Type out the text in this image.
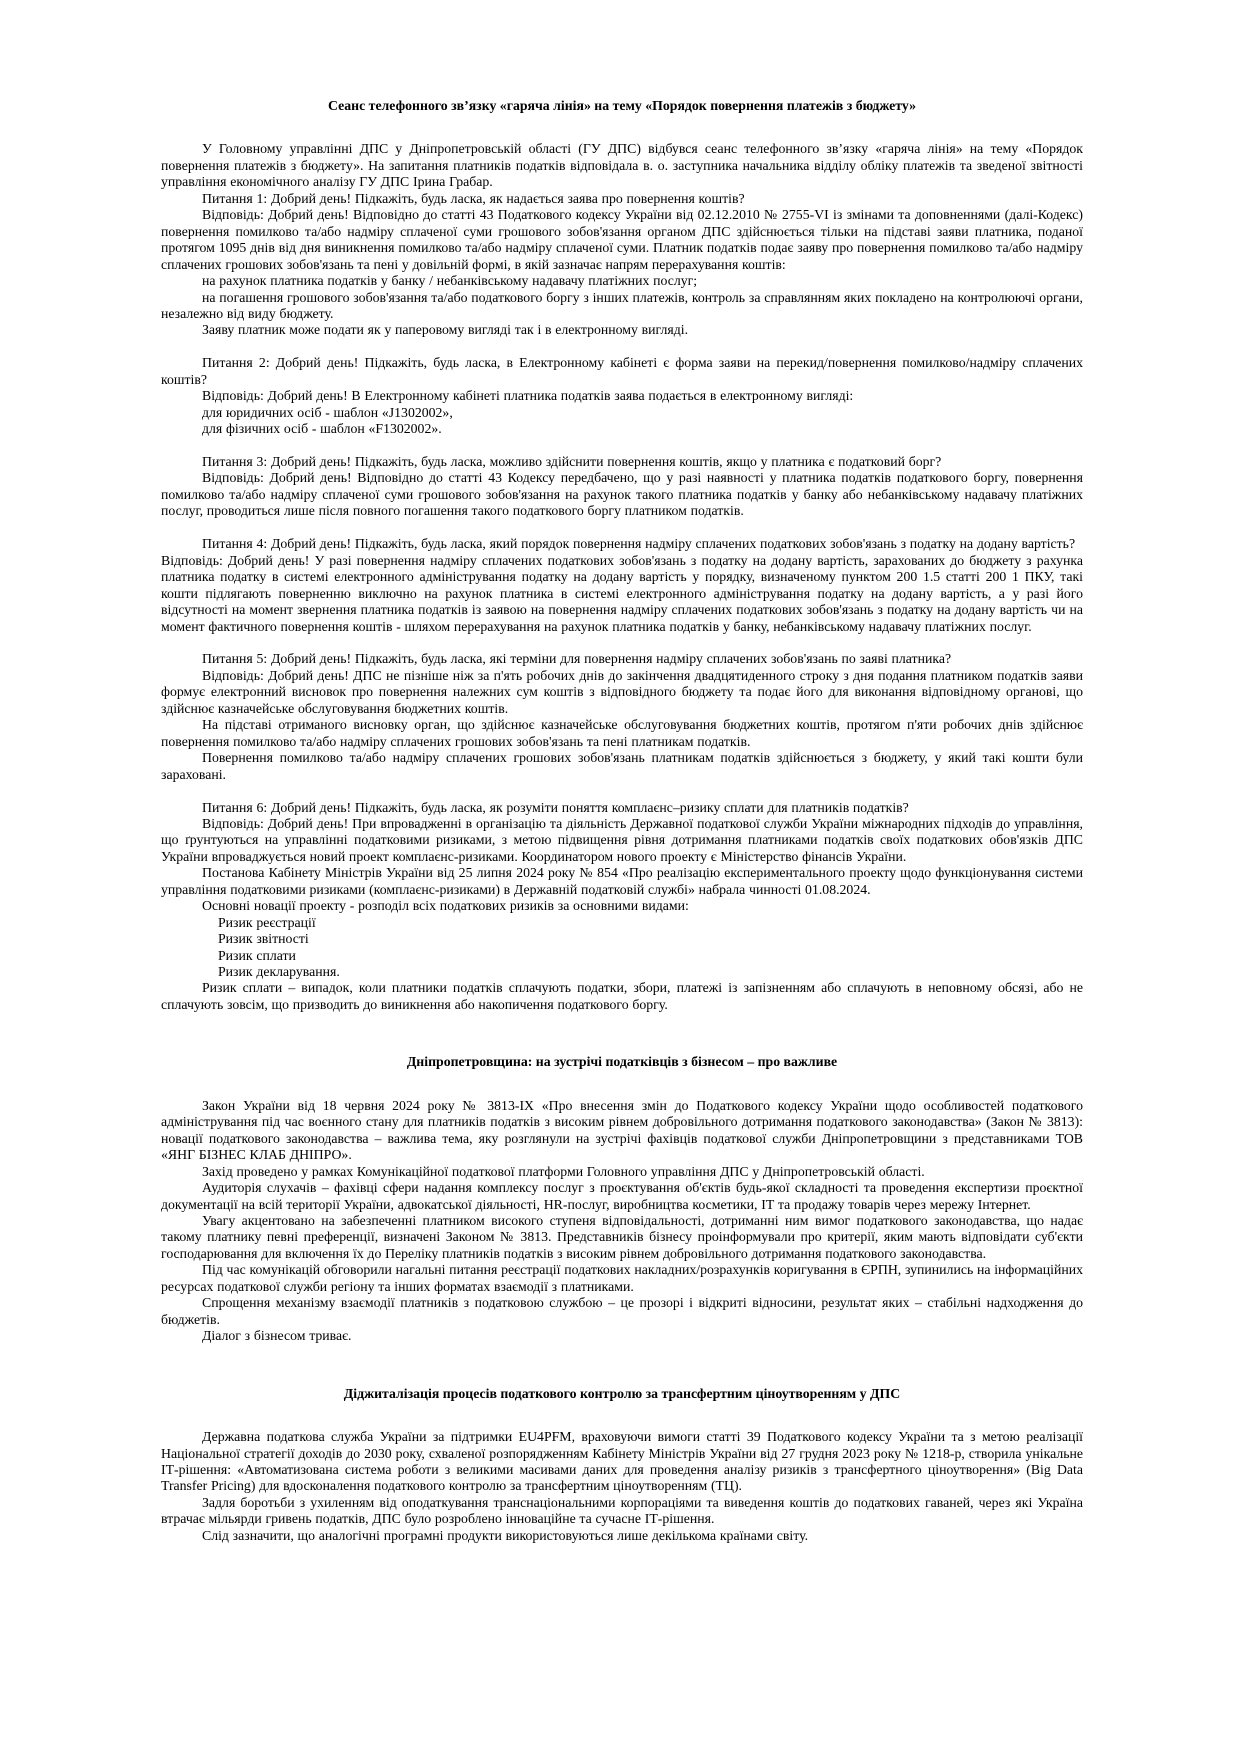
Сеанс телефонного зв’язку «гаряча лінія» на тему «Порядок повернення платежів з бюджету»

У Головному управлінні ДПС у Дніпропетровській області (ГУ ДПС) відбувся сеанс телефонного зв’язку «гаряча лінія» на тему «Порядок повернення платежів з бюджету». На запитання платників податків відповідала в. о. заступника начальника відділу обліку платежів та зведеної звітності управління економічного аналізу ГУ ДПС Ірина Грабар.

Питання 1: Добрий день! Підкажіть, будь ласка, як надається заява про повернення коштів?

Відповідь: Добрий день! Відповідно до статті 43 Податкового кодексу України від 02.12.2010 № 2755-VI із змінами та доповненнями (далі-Кодекс) повернення помилково та/або надміру сплаченої суми грошового зобов'язання органом ДПС здійснюється тільки на підставі заяви платника, поданої протягом 1095 днів від дня виникнення помилково та/або надміру сплаченої суми. Платник податків подає заяву про повернення помилково та/або надміру сплачених грошових зобов'язань та пені у довільній формі, в якій зазначає напрям перерахування коштів:

на рахунок платника податків у банку / небанківському надавачу платіжних послуг;

на погашення грошового зобов'язання та/або податкового боргу з інших платежів, контроль за справлянням яких покладено на контролюючі органи, незалежно від виду бюджету.

Заяву платник може подати як у паперовому вигляді так і в електронному вигляді.

Питання 2: Добрий день! Підкажіть, будь ласка, в Електронному кабінеті є форма заяви на перекид/повернення помилково/надміру сплачених коштів?

Відповідь: Добрий день! В Електронному кабінеті платника податків заява подається в електронному вигляді:

для юридичних осіб - шаблон «J1302002»,

для фізичних осіб - шаблон «F1302002».

Питання 3: Добрий день! Підкажіть, будь ласка, можливо здійснити повернення коштів, якщо у платника є податковий борг?

Відповідь: Добрий день! Відповідно до статті 43 Кодексу передбачено, що у разі наявності у платника податків податкового боргу, повернення помилково та/або надміру сплаченої суми грошового зобов'язання на рахунок такого платника податків у банку або небанківському надавачу платіжних послуг, проводиться лише після повного погашення такого податкового боргу платником податків.

Питання 4: Добрий день! Підкажіть, будь ласка, який порядок повернення надміру сплачених податкових зобов'язань з податку на додану вартість?

Відповідь: Добрий день! У разі повернення надміру сплачених податкових зобов'язань з податку на додану вартість, зарахованих до бюджету з рахунка платника податку в системі електронного адміністрування податку на додану вартість у порядку, визначеному пунктом 200 1.5 статті 200 1 ПКУ, такі кошти підлягають поверненню виключно на рахунок платника в системі електронного адміністрування податку на додану вартість, а у разі його відсутності на момент звернення платника податків із заявою на повернення надміру сплачених податкових зобов'язань з податку на додану вартість чи на момент фактичного повернення коштів - шляхом перерахування на рахунок платника податків у банку, небанківському надавачу платіжних послуг.

Питання 5: Добрий день! Підкажіть, будь ласка, які терміни для повернення надміру сплачених зобов'язань по заяві платника?

Відповідь: Добрий день! ДПС не пізніше ніж за п'ять робочих днів до закінчення двадцятиденного строку з дня подання платником податків заяви формує електронний висновок про повернення належних сум коштів з відповідного бюджету та подає його для виконання відповідному органові, що здійснює казначейське обслуговування бюджетних коштів.

На підставі отриманого висновку орган, що здійснює казначейське обслуговування бюджетних коштів, протягом п'яти робочих днів здійснює повернення помилково та/або надміру сплачених грошових зобов'язань та пені платникам податків.

Повернення помилково та/або надміру сплачених грошових зобов'язань платникам податків здійснюється з бюджету, у який такі кошти були зараховані.

Питання 6: Добрий день! Підкажіть, будь ласка, як розуміти поняття комплаєнс–ризику сплати для платників податків?

Відповідь: Добрий день! При впровадженні в організацію та діяльність Державної податкової служби України міжнародних підходів до управління, що ґрунтуються на управлінні податковими ризиками, з метою підвищення рівня дотримання платниками податків своїх податкових обов'язків ДПС України впроваджується новий проект комплаєнс-ризиками. Координатором нового проекту є Міністерство фінансів України.

Постанова Кабінету Міністрів України від 25 липня 2024 року № 854 «Про реалізацію експериментального проекту щодо функціонування системи управління податковими ризиками (комплаєнс-ризиками) в Державній податковій службі» набрала чинності 01.08.2024.

Основні новації проекту - розподіл всіх податкових ризиків за основними видами:

Ризик реєстрації

Ризик звітності

Ризик сплати

Ризик декларування.

Ризик сплати – випадок, коли платники податків сплачують податки, збори, платежі із запізненням або сплачують в неповному обсязі, або не сплачують зовсім, що призводить до виникнення або накопичення податкового боргу.

Дніпропетровщина: на зустрічі податківців з бізнесом – про важливе

Закон України від 18 червня 2024 року № 3813-IX «Про внесення змін до Податкового кодексу України щодо особливостей податкового адміністрування під час воєнного стану для платників податків з високим рівнем добровільного дотримання податкового законодавства» (Закон № 3813): новації податкового законодавства – важлива тема, яку розглянули на зустрічі фахівців податкової служби Дніпропетровщини з представниками ТОВ «ЯНГ БІЗНЕС КЛАБ ДНІПРО».

Захід проведено у рамках Комунікаційної податкової платформи Головного управління ДПС у Дніпропетровській області.

Аудиторія слухачів – фахівці сфери надання комплексу послуг з проєктування об'єктів будь-якої складності та проведення експертизи проєктної документації на всій території України, адвокатської діяльності, HR-послуг, виробництва косметики, ІТ та продажу товарів через мережу Інтернет.

Увагу акцентовано на забезпеченні платником високого ступеня відповідальності, дотриманні ним вимог податкового законодавства, що надає такому платнику певні преференції, визначені Законом № 3813. Представників бізнесу проінформували про критерії, яким мають відповідати суб'єкти господарювання для включення їх до Переліку платників податків з високим рівнем добровільного дотримання податкового законодавства.

Під час комунікацій обговорили нагальні питання реєстрації податкових накладних/розрахунків коригування в ЄРПН, зупинились на інформаційних ресурсах податкової служби регіону та інших форматах взаємодії з платниками.

Спрощення механізму взаємодії платників з податковою службою – це прозорі і відкриті відносини, результат яких – стабільні надходження до бюджетів.

Діалог з бізнесом триває.

Діджиталізація процесів податкового контролю за трансфертним ціноутворенням у ДПС

Державна податкова служба України за підтримки EU4PFM, враховуючи вимоги статті 39 Податкового кодексу України та з метою реалізації Національної стратегії доходів до 2030 року, схваленої розпорядженням Кабінету Міністрів України від 27 грудня 2023 року № 1218-р, створила унікальне ІТ-рішення: «Автоматизована система роботи з великими масивами даних для проведення аналізу ризиків з трансфертного ціноутворення» (Big Data Transfer Pricing) для вдосконалення податкового контролю за трансфертним ціноутворенням (ТЦ).

Задля боротьби з ухиленням від оподаткування транснаціональними корпораціями та виведення коштів до податкових гаваней, через які Україна втрачає мільярди гривень податків, ДПС було розроблено інноваційне та сучасне ІТ-рішення.

Слід зазначити, що аналогічні програмні продукти використовуються лише декількома країнами світу.
